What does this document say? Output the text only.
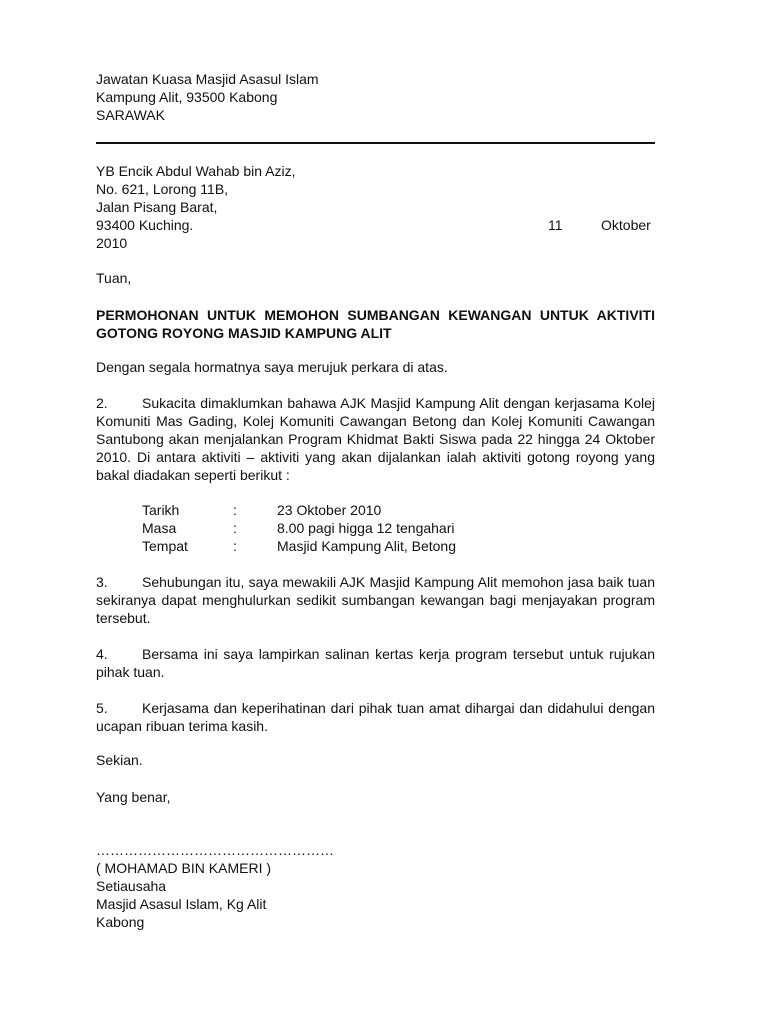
Jawatan Kuasa Masjid Asasul Islam
Kampung Alit, 93500 Kabong
SARAWAK
YB Encik Abdul Wahab bin Aziz,
No. 621, Lorong 11B,
Jalan Pisang Barat,
93400 Kuching.
2010
11	Oktober
Tuan,
PERMOHONAN UNTUK MEMOHON SUMBANGAN KEWANGAN UNTUK AKTIVITI GOTONG ROYONG MASJID KAMPUNG ALIT
Dengan segala hormatnya saya merujuk perkara di atas.
2. Sukacita dimaklumkan bahawa AJK Masjid Kampung Alit dengan kerjasama Kolej Komuniti Mas Gading, Kolej Komuniti Cawangan Betong dan Kolej Komuniti Cawangan Santubong akan menjalankan Program Khidmat Bakti Siswa pada 22 hingga 24 Oktober 2010. Di antara aktiviti – aktiviti yang akan dijalankan ialah aktiviti gotong royong yang bakal diadakan seperti berikut :
Tarikh	:	23 Oktober 2010
Masa	:	8.00 pagi higga 12 tengahari
Tempat	:	Masjid Kampung Alit, Betong
3. Sehubungan itu, saya mewakili AJK Masjid Kampung Alit memohon jasa baik tuan sekiranya dapat menghulurkan sedikit sumbangan kewangan bagi menjayakan program tersebut.
4. Bersama ini saya lampirkan salinan kertas kerja program tersebut untuk rujukan pihak tuan.
5. Kerjasama dan keperihatinan dari pihak tuan amat dihargai dan didahului dengan ucapan ribuan terima kasih.
Sekian.
Yang benar,
……………………………………………
( MOHAMAD BIN KAMERI )
Setiausaha
Masjid Asasul Islam, Kg Alit
Kabong
